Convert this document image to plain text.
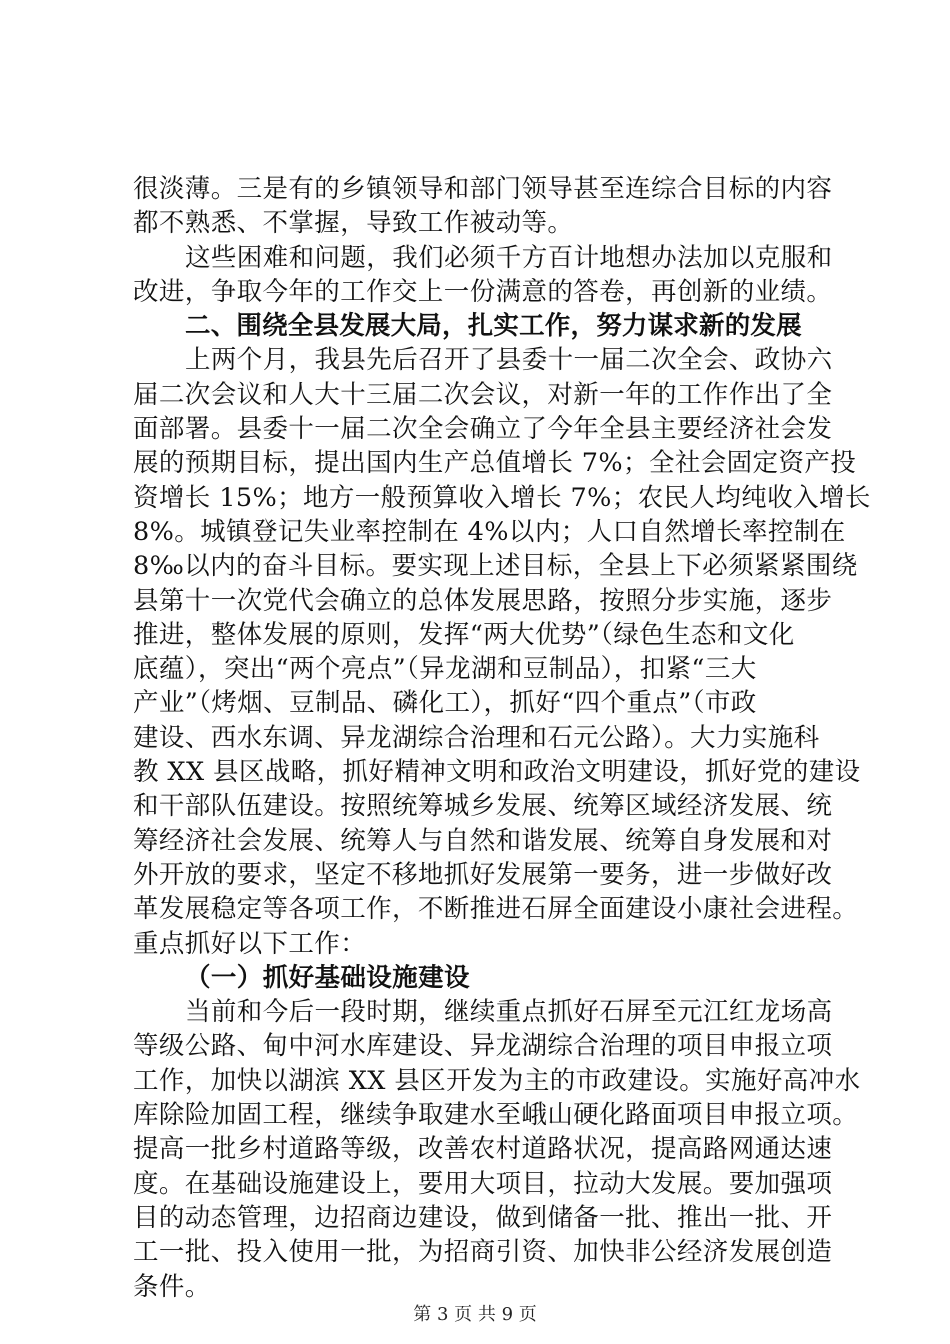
很淡薄。三是有的乡镇领导和部门领导甚至连综合目标的内容
都不熟悉、不掌握，导致工作被动等。
这些困难和问题，我们必须千方百计地想办法加以克服和
改进，争取今年的工作交上一份满意的答卷，再创新的业绩。
二、围绕全县发展大局，扎实工作，努力谋求新的发展
上两个月，我县先后召开了县委十一届二次全会、政协六
届二次会议和人大十三届二次会议，对新一年的工作作出了全
面部署。县委十一届二次全会确立了今年全县主要经济社会发
展的预期目标，提出国内生产总值增长 7%；全社会固定资产投
资增长 15%；地方一般预算收入增长 7%；农民人均纯收入增长
8%。城镇登记失业率控制在 4%以内；人口自然增长率控制在
8‰以内的奋斗目标。要实现上述目标，全县上下必须紧紧围绕
县第十一次党代会确立的总体发展思路，按照分步实施，逐步
推进，整体发展的原则，发挥“两大优势”（绿色生态和文化
底蕴），突出“两个亮点”（异龙湖和豆制品），扣紧“三大
产业”（烤烟、豆制品、磷化工），抓好“四个重点”（市政
建设、西水东调、异龙湖综合治理和石元公路）。大力实施科
教 XX 县区战略，抓好精神文明和政治文明建设，抓好党的建设
和干部队伍建设。按照统筹城乡发展、统筹区域经济发展、统
筹经济社会发展、统筹人与自然和谐发展、统筹自身发展和对
外开放的要求，坚定不移地抓好发展第一要务，进一步做好改
革发展稳定等各项工作，不断推进石屏全面建设小康社会进程。
重点抓好以下工作：
（一）抓好基础设施建设
当前和今后一段时期，继续重点抓好石屏至元江红龙场高
等级公路、甸中河水库建设、异龙湖综合治理的项目申报立项
工作，加快以湖滨 XX 县区开发为主的市政建设。实施好高冲水
库除险加固工程，继续争取建水至峨山硬化路面项目申报立项。
提高一批乡村道路等级，改善农村道路状况，提高路网通达速
度。在基础设施建设上，要用大项目，拉动大发展。要加强项
目的动态管理，边招商边建设，做到储备一批、推出一批、开
工一批、投入使用一批，为招商引资、加快非公经济发展创造
条件。
第 3 页 共 9 页
